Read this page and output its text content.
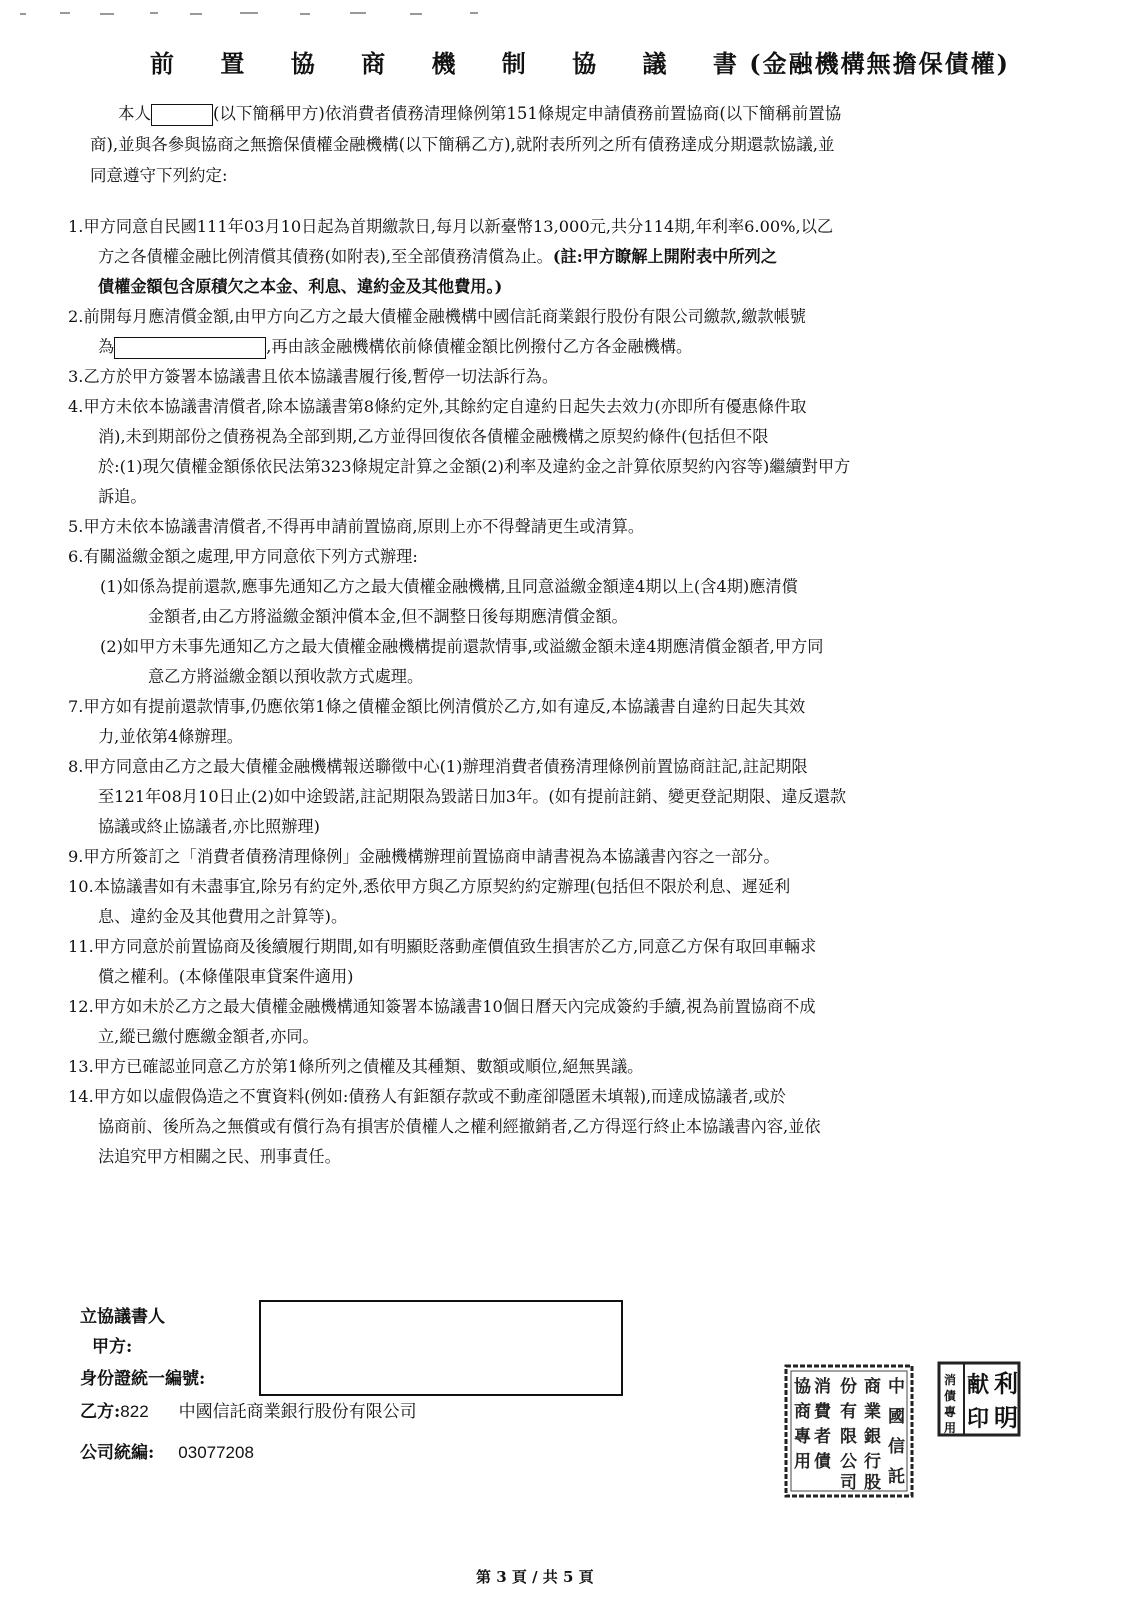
前 置 協 商 機 制 協 議 書 (金融機構無擔保債權)

本人	(以下簡稱甲方)依消費者債務清理條例第151條規定申請債務前置協商(以下簡稱前置協

商),並與各參與協商之無擔保債權金融機構(以下簡稱乙方),就附表所列之所有債務達成分期還款協議,並

同意遵守下列約定:

1.甲方同意自民國111年03月10日起為首期繳款日,每月以新臺幣13,000元,共分114期,年利率6.00%,以乙
方之各債權金融比例清償其債務(如附表),至全部債務清償為止。(註:甲方瞭解上開附表中所列之
債權金額包含原積欠之本金、利息、違約金及其他費用。)
2.前開每月應清償金額,由甲方向乙方之最大債權金融機構中國信託商業銀行股份有限公司繳款,繳款帳號
為	,再由該金融機構依前條債權金額比例撥付乙方各金融機構。
3.乙方於甲方簽署本協議書且依本協議書履行後,暫停一切法訴行為。
4.甲方未依本協議書清償者,除本協議書第8條約定外,其餘約定自違約日起失去效力(亦即所有優惠條件取
消),未到期部份之債務視為全部到期,乙方並得回復依各債權金融機構之原契約條件(包括但不限
於:(1)現欠債權金額係依民法第323條規定計算之金額(2)利率及違約金之計算依原契約內容等)繼續對甲方
訴追。
5.甲方未依本協議書清償者,不得再申請前置協商,原則上亦不得聲請更生或清算。
6.有關溢繳金額之處理,甲方同意依下列方式辦理:
(1)如係為提前還款,應事先通知乙方之最大債權金融機構,且同意溢繳金額達4期以上(含4期)應清償
金額者,由乙方將溢繳金額沖償本金,但不調整日後每期應清償金額。
(2)如甲方未事先通知乙方之最大債權金融機構提前還款情事,或溢繳金額未達4期應清償金額者,甲方同
意乙方將溢繳金額以預收款方式處理。
7.甲方如有提前還款情事,仍應依第1條之債權金額比例清償於乙方,如有違反,本協議書自違約日起失其效
力,並依第4條辦理。
8.甲方同意由乙方之最大債權金融機構報送聯徵中心(1)辦理消費者債務清理條例前置協商註記,註記期限
至121年08月10日止(2)如中途毀諾,註記期限為毀諾日加3年。(如有提前註銷、變更登記期限、違反還款
協議或終止協議者,亦比照辦理)
9.甲方所簽訂之「消費者債務清理條例」金融機構辦理前置協商申請書視為本協議書內容之一部分。
10.本協議書如有未盡事宜,除另有約定外,悉依甲方與乙方原契約約定辦理(包括但不限於利息、遲延利
息、違約金及其他費用之計算等)。
11.甲方同意於前置協商及後續履行期間,如有明顯貶落動產價值致生損害於乙方,同意乙方保有取回車輛求
償之權利。(本條僅限車貸案件適用)
12.甲方如未於乙方之最大債權金融機構通知簽署本協議書10個日曆天內完成簽約手續,視為前置協商不成
立,縱已繳付應繳金額者,亦同。
13.甲方已確認並同意乙方於第1條所列之債權及其種類、數額或順位,絕無異議。
14.甲方如以虛假偽造之不實資料(例如:債務人有鉅額存款或不動產卻隱匿未填報),而達成協議者,或於
協商前、後所為之無償或有償行為有損害於債權人之權利經撤銷者,乙方得逕行終止本協議書內容,並依
法追究甲方相關之民、刑事責任。
立協議書人
甲方:
身份證統一編號:
乙方:822 中國信託商業銀行股份有限公司
公司統編: 03077208
中
國
信
託
商
業
銀
行
股
份
有
限
公
司
消
費
者
債
協
商
專
用
利
明
献
印
消
債
專
用
第 3 頁 / 共 5 頁
